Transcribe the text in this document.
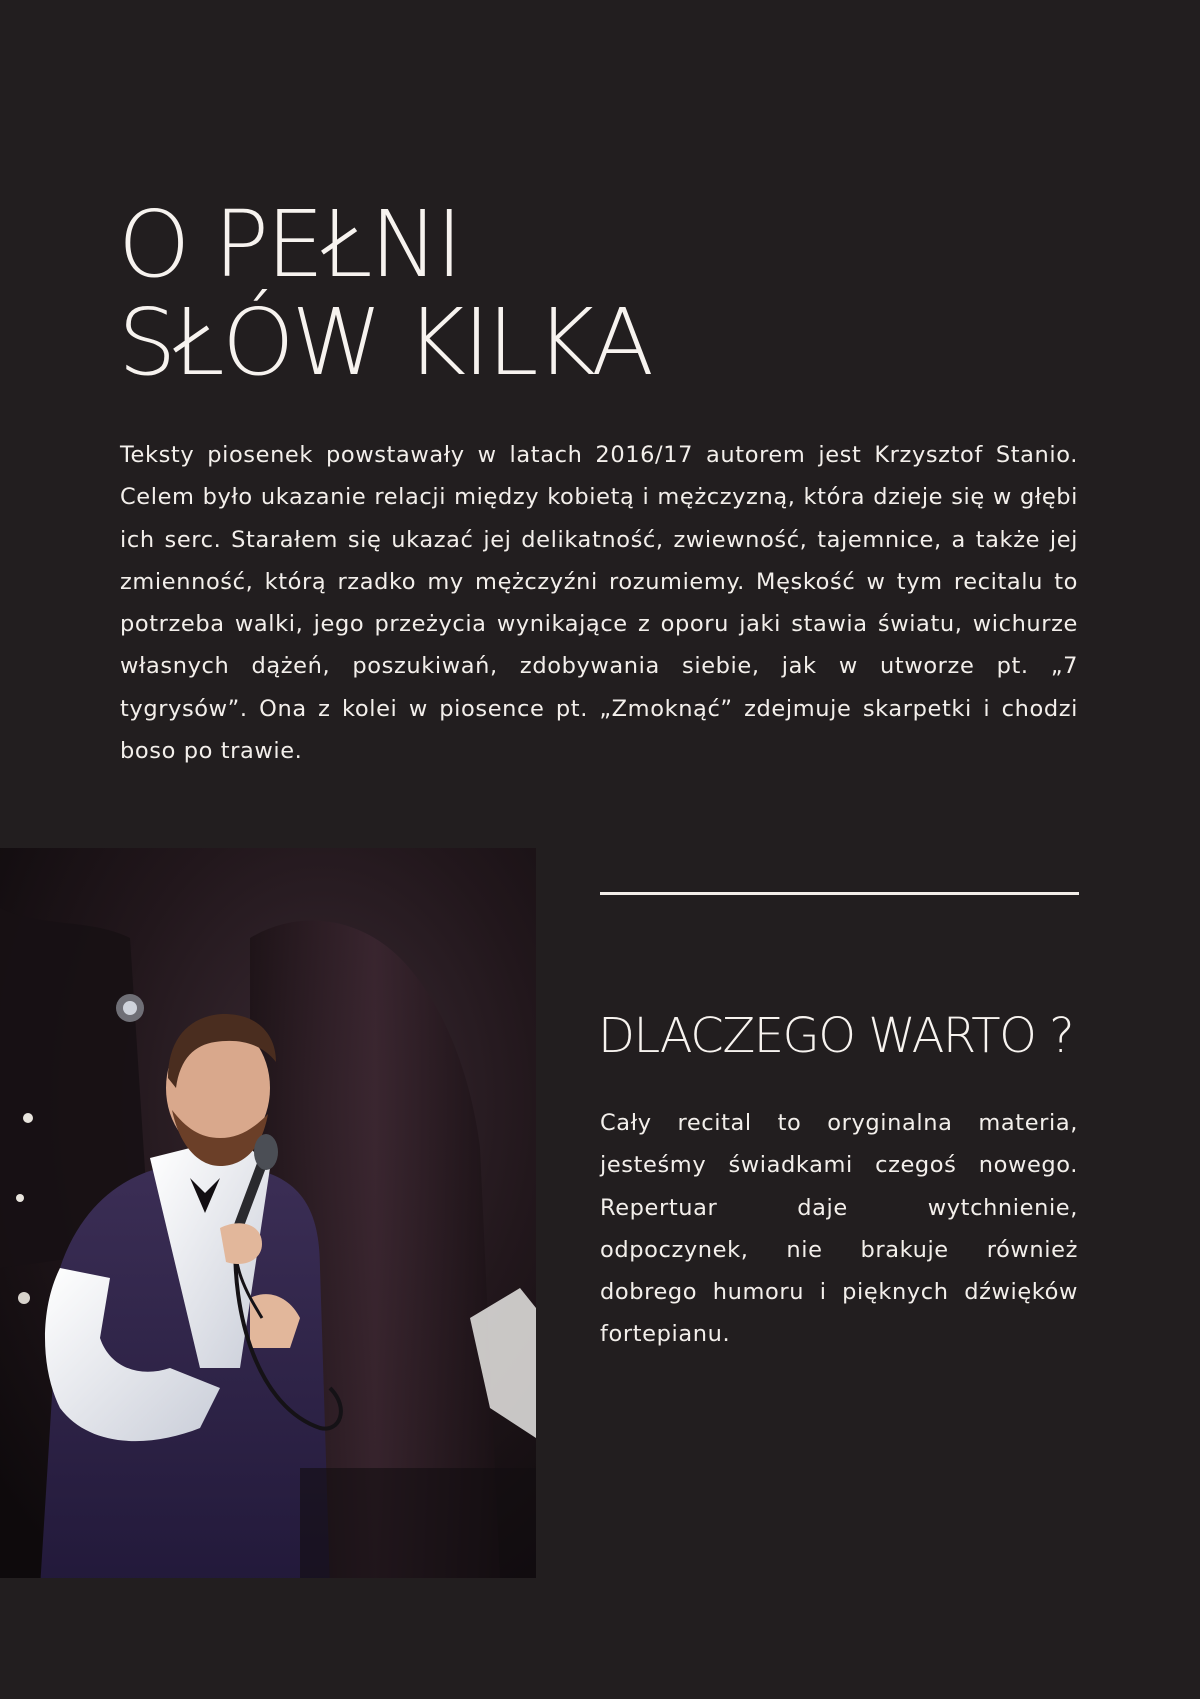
O PEŁNI
SŁÓW KILKA

Teksty piosenek powstawały w latach 2016/17 autorem jest Krzysztof Stanio. Celem było ukazanie relacji między kobietą i mężczyzną, która dzieje się w głębi ich serc. Starałem się ukazać jej delikatność, zwiewność, tajemnice, a także jej zmienność, którą rzadko my mężczyźni rozumiemy. Męskość w tym recitalu to potrzeba walki, jego przeżycia wynikające z oporu jaki stawia światu, wichurze własnych dążeń, poszukiwań, zdobywania siebie, jak w utworze pt. „7 tygrysów”. Ona z kolei w piosence pt. „Zmoknąć” zdejmuje skarpetki i chodzi boso po trawie.

DLACZEGO WARTO ?

Cały recital to oryginalna materia, jesteśmy świadkami czegoś nowego. Repertuar daje wytchnienie, odpoczynek, nie brakuje również dobrego humoru i pięknych dźwięków fortepianu.
